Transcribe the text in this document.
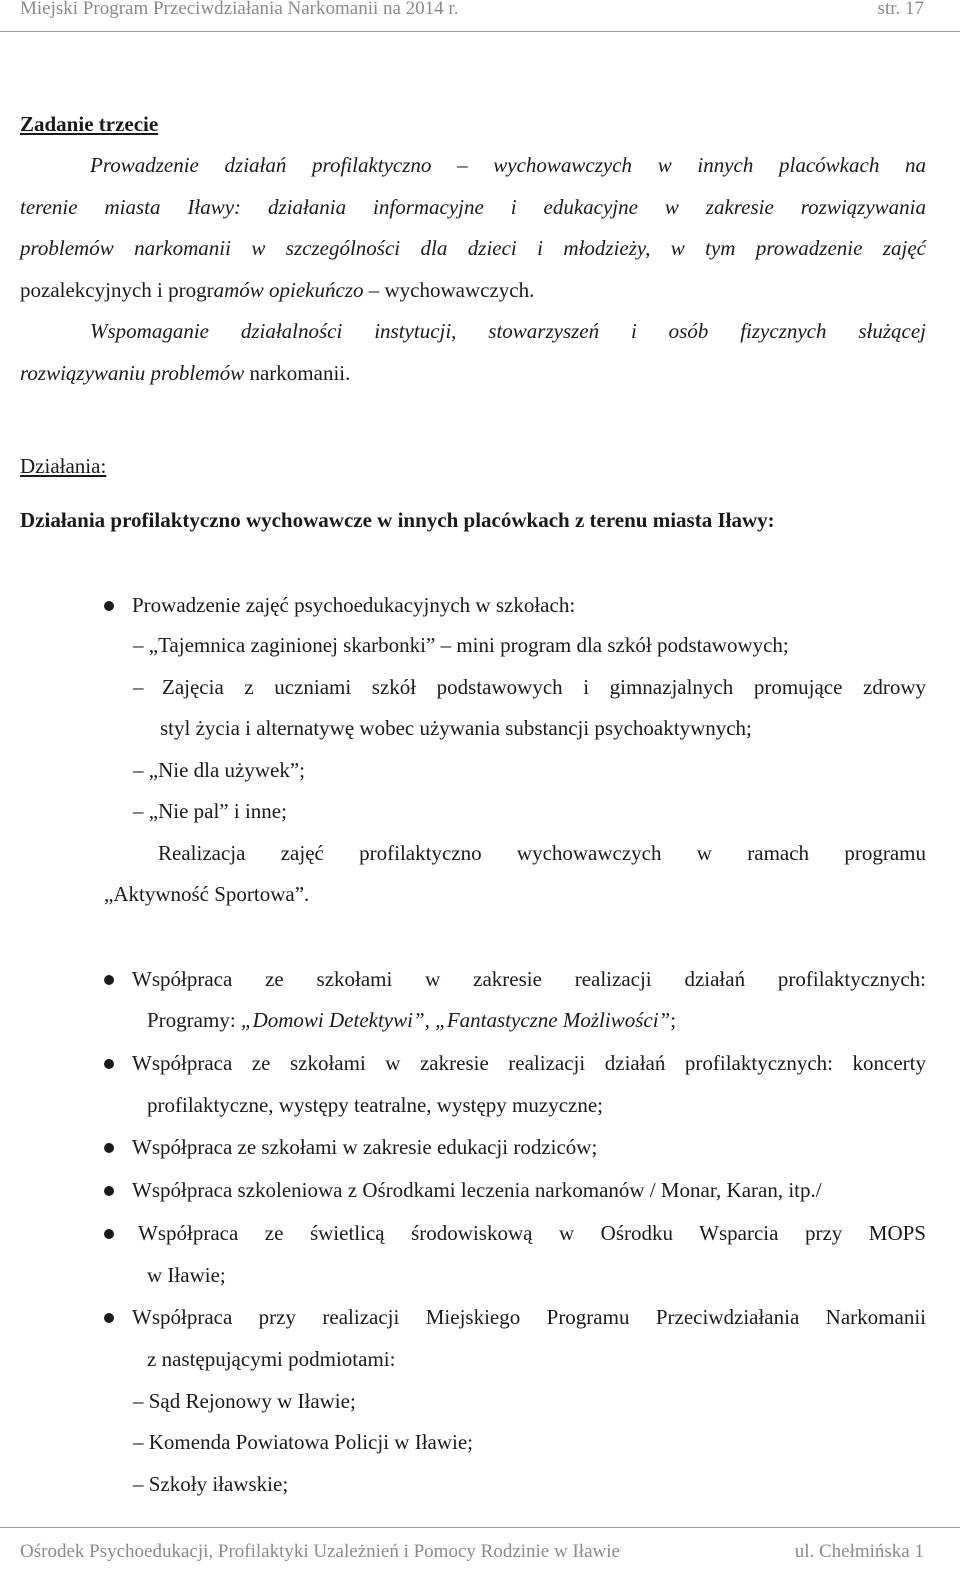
Miejski Program Przeciwdziałania Narkomanii na 2014 r.	str. 17
Zadanie trzecie
Prowadzenie działań profilaktyczno – wychowawczych w innych placówkach na
terenie miasta Iławy: działania informacyjne i edukacyjne w zakresie rozwiązywania
problemów narkomanii w szczególności dla dzieci i młodzieży, w tym prowadzenie zajęć
pozalekcyjnych i programów opiekuńczo – wychowawczych.
Wspomaganie działalności instytucji, stowarzyszeń i osób fizycznych służącej
rozwiązywaniu problemów narkomanii.
Działania:
Działania profilaktyczno wychowawcze w innych placówkach z terenu miasta Iławy:
Prowadzenie zajęć psychoedukacyjnych w szkołach:
– „Tajemnica zaginionej skarbonki” – mini program dla szkół podstawowych;
– Zajęcia z uczniami szkół podstawowych i gimnazjalnych promujące zdrowy
styl życia i alternatywę wobec używania substancji psychoaktywnych;
– „Nie dla używek”;
– „Nie pal” i inne;
Realizacja zajęć profilaktyczno wychowawczych w ramach programu
„Aktywność Sportowa”.
Współpraca ze szkołami w zakresie realizacji działań profilaktycznych:
Programy: „Domowi Detektywi”, „Fantastyczne Możliwości”;
Współpraca ze szkołami w zakresie realizacji działań profilaktycznych: koncerty
profilaktyczne, występy teatralne, występy muzyczne;
Współpraca ze szkołami w zakresie edukacji rodziców;
Współpraca szkoleniowa z Ośrodkami leczenia narkomanów / Monar, Karan, itp./
Współpraca ze świetlicą środowiskową w Ośrodku Wsparcia przy MOPS
w Iławie;
Współpraca przy realizacji Miejskiego Programu Przeciwdziałania Narkomanii
z następującymi podmiotami:
– Sąd Rejonowy w Iławie;
– Komenda Powiatowa Policji w Iławie;
– Szkoły iławskie;
Ośrodek Psychoedukacji, Profilaktyki Uzależnień i Pomocy Rodzinie w Iławie	ul. Chełmińska 1
